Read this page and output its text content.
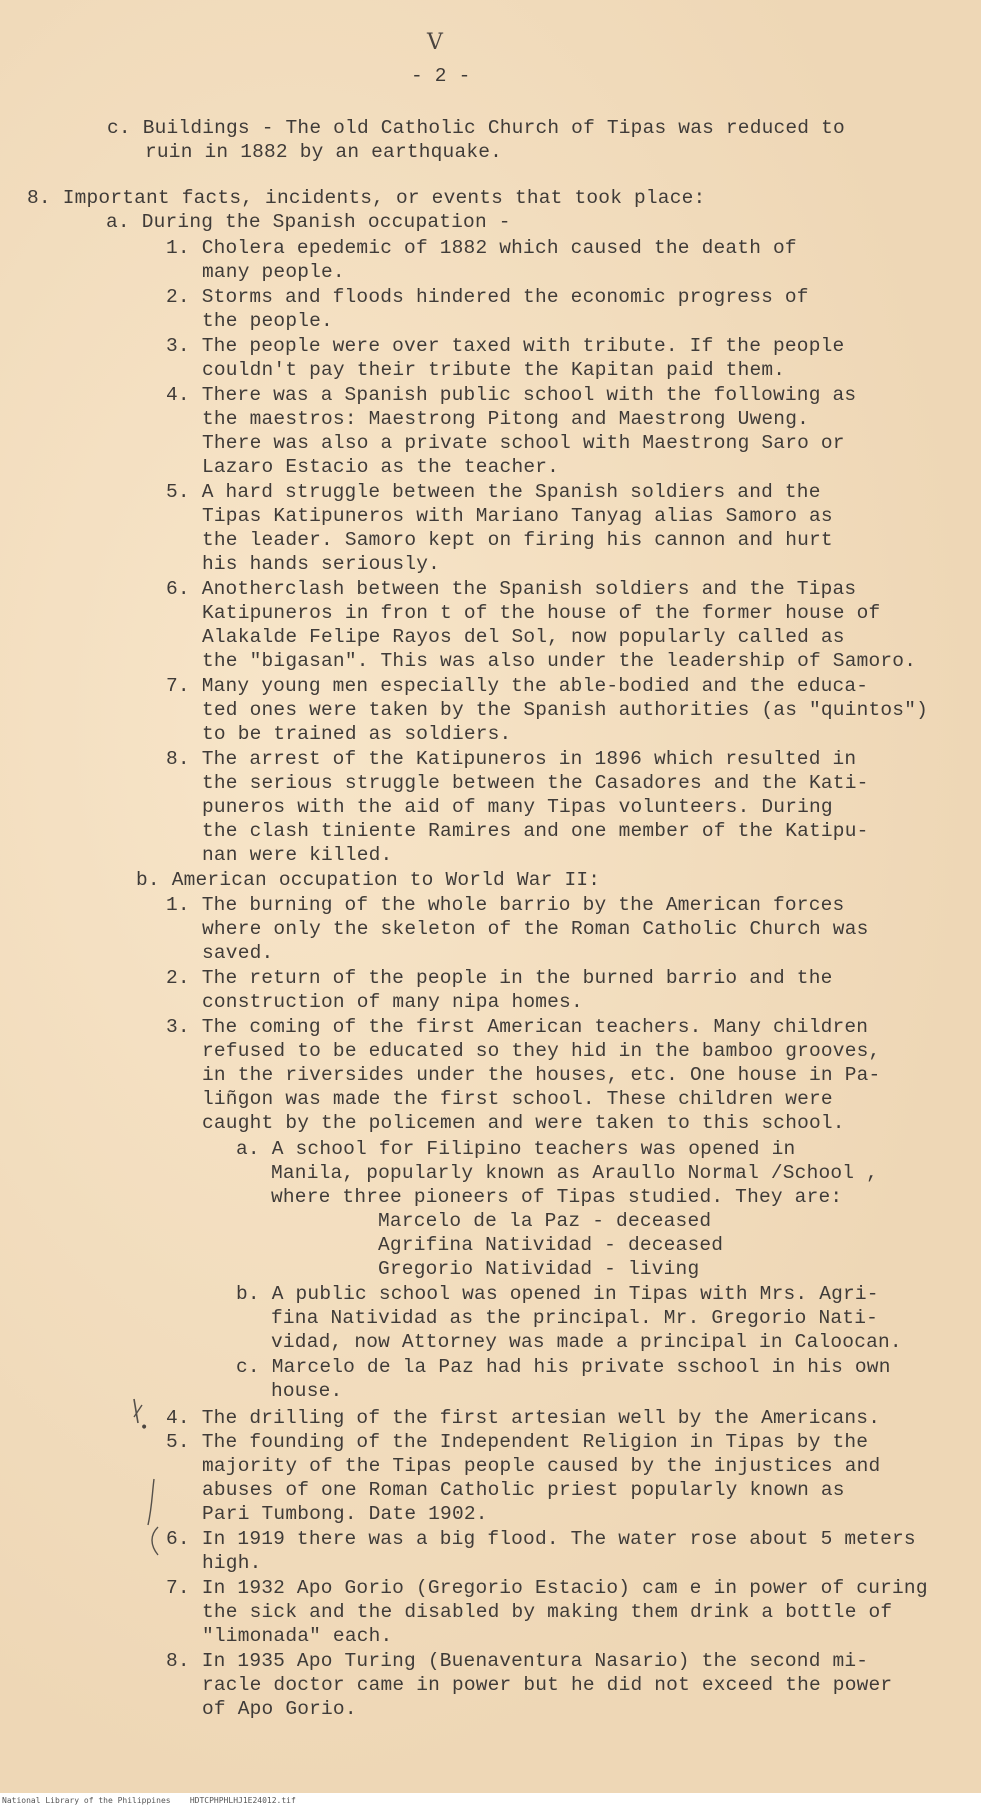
V
- 2 -
c. Buildings - The old Catholic Church of Tipas was reduced to
ruin in 1882 by an earthquake.
8. Important facts, incidents, or events that took place:
a. During the Spanish occupation -
1. Cholera epedemic of 1882 which caused the death of
many people.
2. Storms and floods hindered the economic progress of
the people.
3. The people were over taxed with tribute. If the people
couldn't pay their tribute the Kapitan paid them.
4. There was a Spanish public school with the following as
the maestros: Maestrong Pitong and Maestrong Uweng.
There was also a private school with Maestrong Saro or
Lazaro Estacio as the teacher.
5. A hard struggle between the Spanish soldiers and the
Tipas Katipuneros with Mariano Tanyag alias Samoro as
the leader. Samoro kept on firing his cannon and hurt
his hands seriously.
6. Anotherclash between the Spanish soldiers and the Tipas
Katipuneros in fron t of the house of the former house of
Alakalde Felipe Rayos del Sol, now popularly called as
the "bigasan". This was also under the leadership of Samoro.
7. Many young men especially the able-bodied and the educa-
ted ones were taken by the Spanish authorities (as "quintos")
to be trained as soldiers.
8. The arrest of the Katipuneros in 1896 which resulted in
the serious struggle between the Casadores and the Kati-
puneros with the aid of many Tipas volunteers. During
the clash tiniente Ramires and one member of the Katipu-
nan were killed.
b. American occupation to World War II:
1. The burning of the whole barrio by the American forces
where only the skeleton of the Roman Catholic Church was
saved.
2. The return of the people in the burned barrio and the
construction of many nipa homes.
3. The coming of the first American teachers. Many children
refused to be educated so they hid in the bamboo grooves,
in the riversides under the houses, etc. One house in Pa-
liñgon was made the first school. These children were
caught by the policemen and were taken to this school.
a. A school for Filipino teachers was opened in
Manila, popularly known as Araullo Normal /School ,
where three pioneers of Tipas studied. They are:
Marcelo de la Paz - deceased
Agrifina Natividad - deceased
Gregorio Natividad - living
b. A public school was opened in Tipas with Mrs. Agri-
fina Natividad as the principal. Mr. Gregorio Nati-
vidad, now Attorney was made a principal in Caloocan.
c. Marcelo de la Paz had his private sschool in his own
house.
4. The drilling of the first artesian well by the Americans.
5. The founding of the Independent Religion in Tipas by the
majority of the Tipas people caused by the injustices and
abuses of one Roman Catholic priest popularly known as
Pari Tumbong. Date 1902.
6. In 1919 there was a big flood. The water rose about 5 meters
high.
7. In 1932 Apo Gorio (Gregorio Estacio) cam e in power of curing
the sick and the disabled by making them drink a bottle of
"limonada" each.
8. In 1935 Apo Turing (Buenaventura Nasario) the second mi-
racle doctor came in power but he did not exceed the power
of Apo Gorio.
•
National Library of the Philippines    HDTCPHPHLHJ1E24012.tif
